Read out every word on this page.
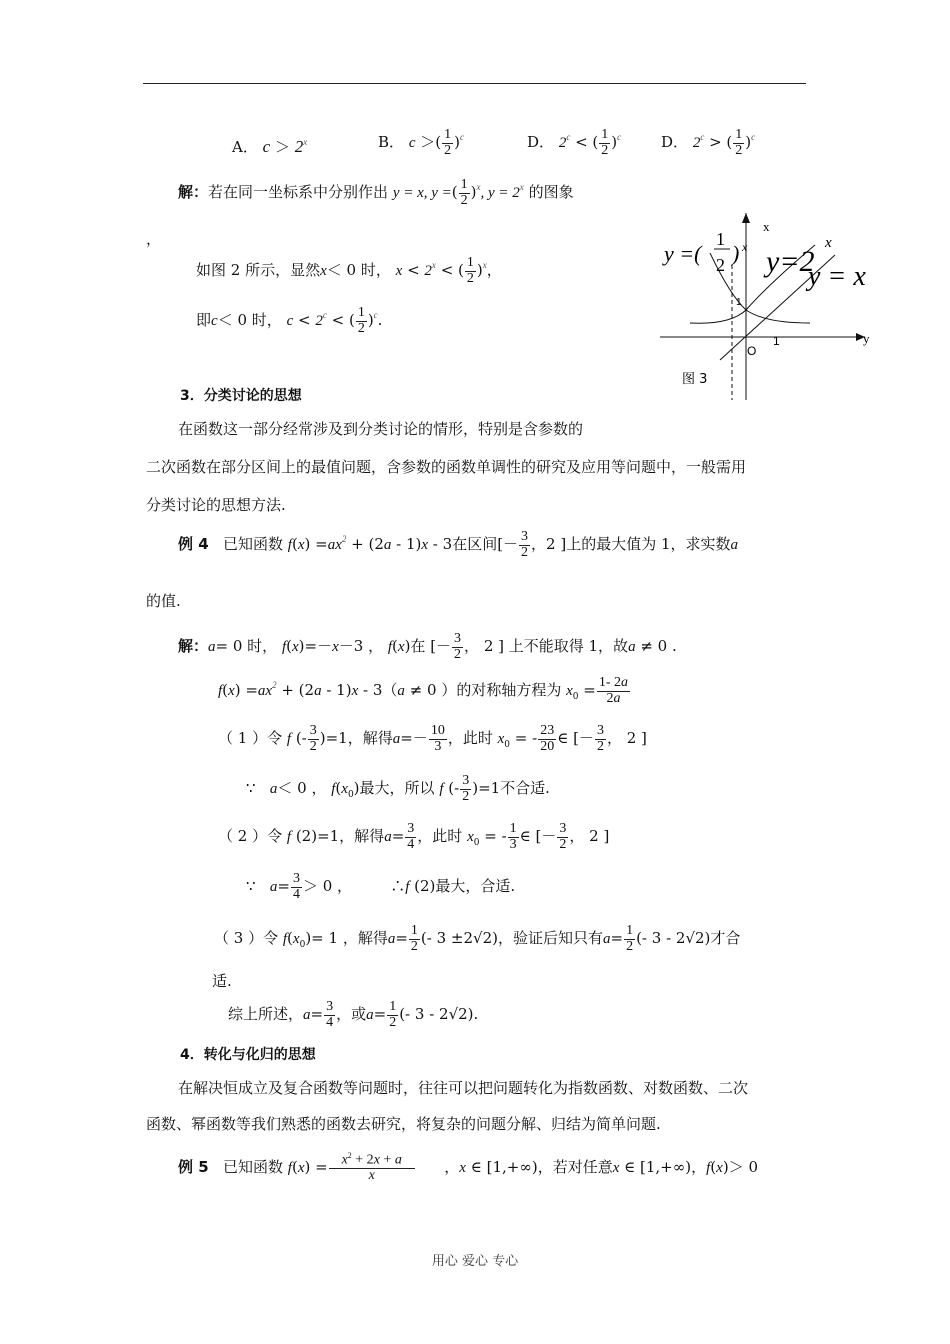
A． $c > 2^x$	B． c ＞( $\frac{1}{2} )^c$	D． $2^c$ < ( $\frac{1}{2} )^c$	D． $2^c$ > ( $\frac{1}{2} )^c$
解：若在同一坐标系中分别作出 y = x, y =( $\frac{1}{2} )^x$, $y = 2^x$ 的图象
，
如图 2 所示，显然x＜ 0 时， $x < 2^x$ < ( $\frac{1}{2} )^x$，
即c＜ 0 时， $c < 2^c$ < ( $\frac{1}{2} )^c$.
x
y
O
1
1
图 3
y =(
1
2 ) x y=2
x
y = x
3．分类讨论的思想
在函数这一部分经常涉及到分类讨论的情形，特别是含参数的
二次函数在部分区间上的最值问题，含参数的函数单调性的研究及应用等问题中，一般需用
分类讨论的思想方法.
例 4 已知函数 $f(x) =ax^2 + (2a - 1)x - 3$在区间[－ $\frac{3}{2}$ ，2 ]上的最大值为 1，求实数a
的值.
解：a= 0 时， f(x)=－x－3 ， f(x)在 [－ $\frac{3}{2}$ ， 2 ] 上不能取得 1，故a ≠ 0 .
$f(x) =ax^2 + (2a - 1)x - 3(a \ne 0$ ）的对称轴方程为 $x_0 = \frac{1- 2a}{2a}$
（ 1 ）令 f (- $\frac{3}{2} )=1$，解得$a=- \frac{10}{3}$ ，此时 $x_0$ = - $\frac{23}{20}$ ∈ [－ $\frac{3}{2}$ ， 2 ]
∵ a＜ 0 ， $f(x_0)$最大，所以 f (- $\frac{3}{2} )=1$不合适.
（ 2 ）令 f (2)=1，解得$a= \frac{3}{4}$ ，此时 $x_0$ = - $\frac{1}{3}$ ∈ [－ $\frac{3}{2}$ ， 2 ]
∵ $a= \frac{3}{4} > 0$ ，	∴f (2)最大，合适.
（ 3 ）令 $f(x_0)= 1$ ，解得$a= \frac{1}{2}$ (- 3 ±2√2)，验证后知只有$a= \frac{1}{2}$ (- 3 - 2√2)才合
适.
综上所述，$a= \frac{3}{4}$ ，或$a= \frac{1}{2}$ (- 3 - 2√2).
4．转化与化归的思想
在解决恒成立及复合函数等问题时，往往可以把问题转化为指数函数、对数函数、二次
函数、幂函数等我们熟悉的函数去研究，将复杂的问题分解、归结为简单问题.
例 5 已知函数 $f(x) = \frac{x^2 + 2x + a}{x}$ ，x ∈ [1,+∞)，若对任意x ∈ [1,+∞)，f(x)＞ 0
用心 爱心 专心
